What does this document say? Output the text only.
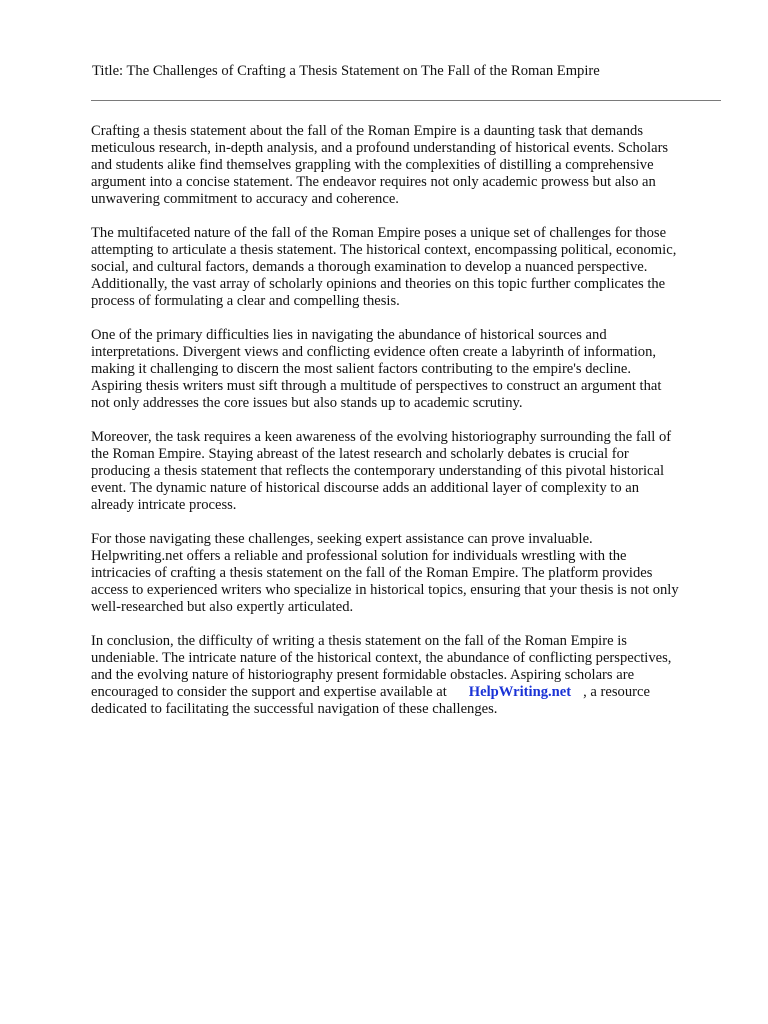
Title: The Challenges of Crafting a Thesis Statement on The Fall of the Roman Empire

Crafting a thesis statement about the fall of the Roman Empire is a daunting task that demands
meticulous research, in-depth analysis, and a profound understanding of historical events. Scholars
and students alike find themselves grappling with the complexities of distilling a comprehensive
argument into a concise statement. The endeavor requires not only academic prowess but also an
unwavering commitment to accuracy and coherence.

The multifaceted nature of the fall of the Roman Empire poses a unique set of challenges for those
attempting to articulate a thesis statement. The historical context, encompassing political, economic,
social, and cultural factors, demands a thorough examination to develop a nuanced perspective.
Additionally, the vast array of scholarly opinions and theories on this topic further complicates the
process of formulating a clear and compelling thesis.

One of the primary difficulties lies in navigating the abundance of historical sources and
interpretations. Divergent views and conflicting evidence often create a labyrinth of information,
making it challenging to discern the most salient factors contributing to the empire's decline.
Aspiring thesis writers must sift through a multitude of perspectives to construct an argument that
not only addresses the core issues but also stands up to academic scrutiny.

Moreover, the task requires a keen awareness of the evolving historiography surrounding the fall of
the Roman Empire. Staying abreast of the latest research and scholarly debates is crucial for
producing a thesis statement that reflects the contemporary understanding of this pivotal historical
event. The dynamic nature of historical discourse adds an additional layer of complexity to an
already intricate process.

For those navigating these challenges, seeking expert assistance can prove invaluable.
Helpwriting.net offers a reliable and professional solution for individuals wrestling with the
intricacies of crafting a thesis statement on the fall of the Roman Empire. The platform provides
access to experienced writers who specialize in historical topics, ensuring that your thesis is not only
well-researched but also expertly articulated.

In conclusion, the difficulty of writing a thesis statement on the fall of the Roman Empire is
undeniable. The intricate nature of the historical context, the abundance of conflicting perspectives,
and the evolving nature of historiography present formidable obstacles. Aspiring scholars are
encouraged to consider the support and expertise available at HelpWriting.net , a resource
dedicated to facilitating the successful navigation of these challenges.
